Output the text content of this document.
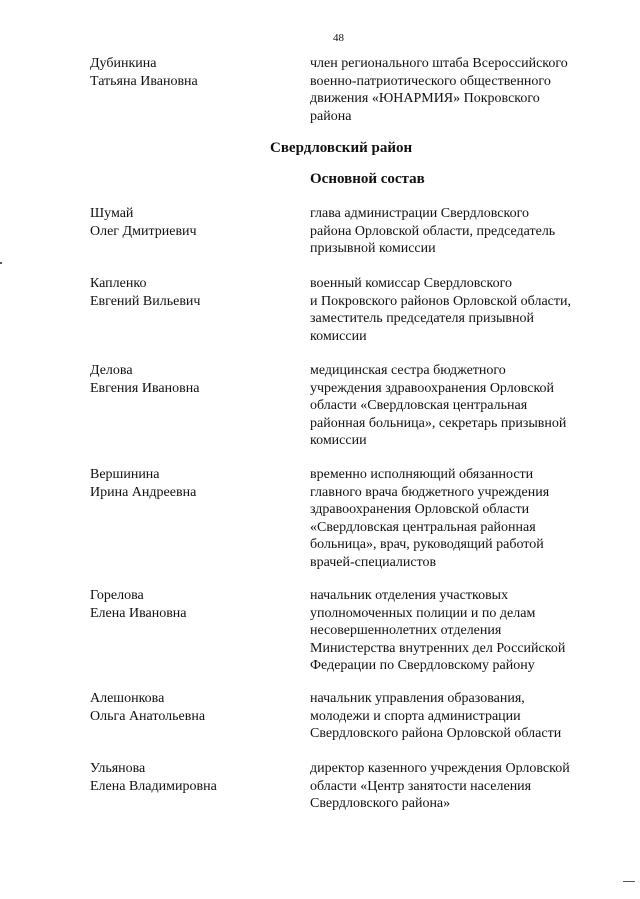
48
Дубинкина
Татьяна Ивановна
член регионального штаба Всероссийского
военно-патриотического общественного
движения «ЮНАРМИЯ» Покровского
района
Свердловский район
Основной состав
Шумай
Олег Дмитриевич
глава администрации Свердловского
района Орловской области, председатель
призывной комиссии
Капленко
Евгений Вильевич
военный комиссар Свердловского
и Покровского районов Орловской области,
заместитель председателя призывной
комиссии
Делова
Евгения Ивановна
медицинская сестра бюджетного
учреждения здравоохранения Орловской
области «Свердловская центральная
районная больница», секретарь призывной
комиссии
Вершинина
Ирина Андреевна
временно исполняющий обязанности
главного врача бюджетного учреждения
здравоохранения Орловской области
«Свердловская центральная районная
больница», врач, руководящий работой
врачей-специалистов
Горелова
Елена Ивановна
начальник отделения участковых
уполномоченных полиции и по делам
несовершеннолетних отделения
Министерства внутренних дел Российской
Федерации по Свердловскому району
Алешонкова
Ольга Анатольевна
начальник управления образования,
молодежи и спорта администрации
Свердловского района Орловской области
Ульянова
Елена Владимировна
директор казенного учреждения Орловской
области «Центр занятости населения
Свердловского района»
